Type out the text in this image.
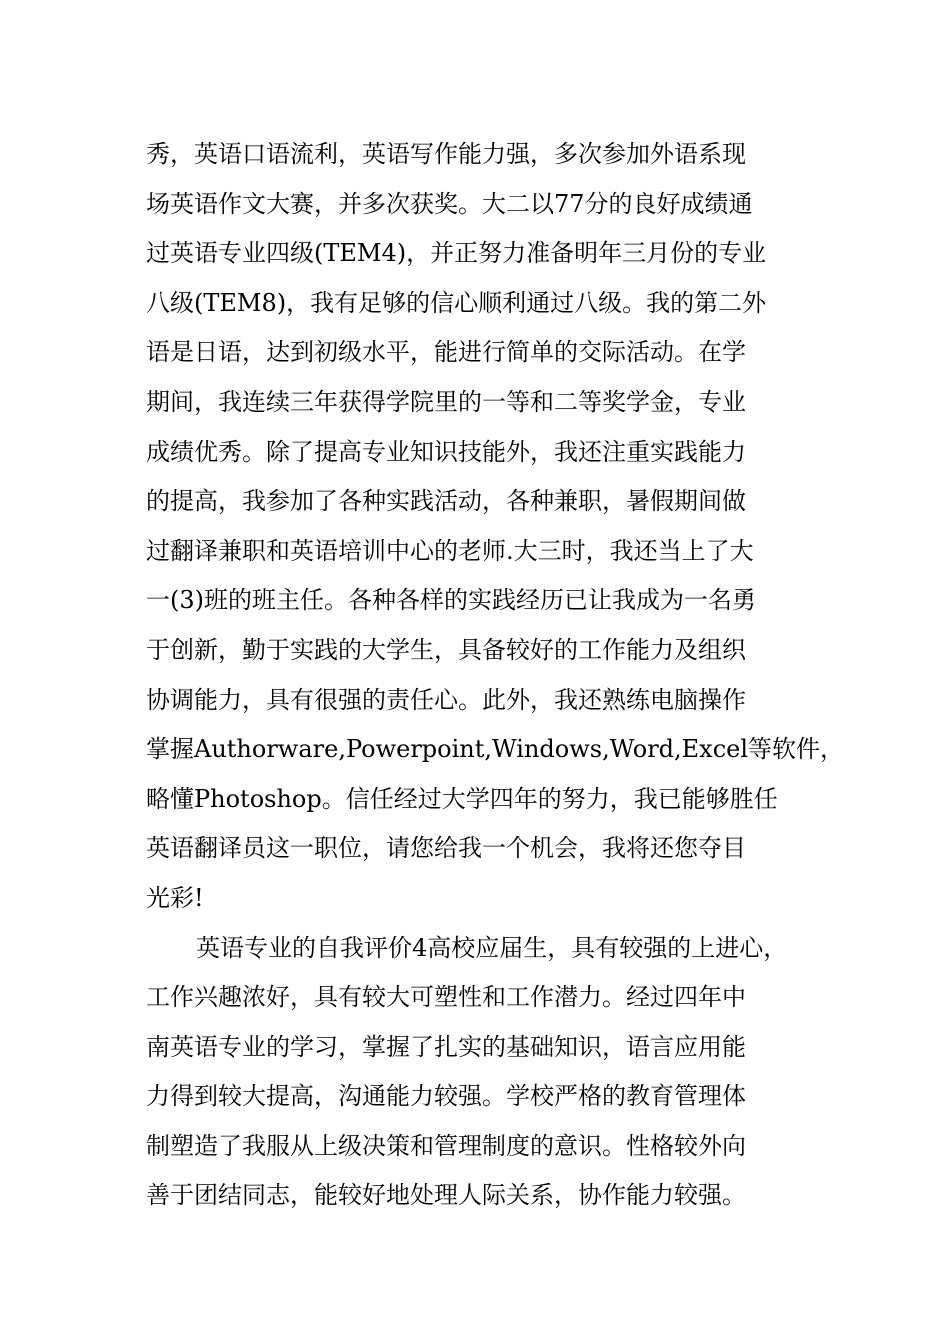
秀，英语口语流利，英语写作能力强，多次参加外语系现
场英语作文大赛，并多次获奖。大二以77分的良好成绩通
过英语专业四级(TEM4)，并正努力准备明年三月份的专业
八级(TEM8)，我有足够的信心顺利通过八级。我的第二外
语是日语，达到初级水平，能进行简单的交际活动。在学
期间，我连续三年获得学院里的一等和二等奖学金，专业
成绩优秀。除了提高专业知识技能外，我还注重实践能力
的提高，我参加了各种实践活动，各种兼职，暑假期间做
过翻译兼职和英语培训中心的老师.大三时，我还当上了大
一(3)班的班主任。各种各样的实践经历已让我成为一名勇
于创新，勤于实践的大学生，具备较好的工作能力及组织
协调能力，具有很强的责任心。此外，我还熟练电脑操作
掌握Authorware,Powerpoint,Windows,Word,Excel等软件，
略懂Photoshop。信任经过大学四年的努力，我已能够胜任
英语翻译员这一职位，请您给我一个机会，我将还您夺目
光彩!
英语专业的自我评价4高校应届生，具有较强的上进心，
工作兴趣浓好，具有较大可塑性和工作潜力。经过四年中
南英语专业的学习，掌握了扎实的基础知识，语言应用能
力得到较大提高，沟通能力较强。学校严格的教育管理体
制塑造了我服从上级决策和管理制度的意识。性格较外向
善于团结同志，能较好地处理人际关系，协作能力较强。
